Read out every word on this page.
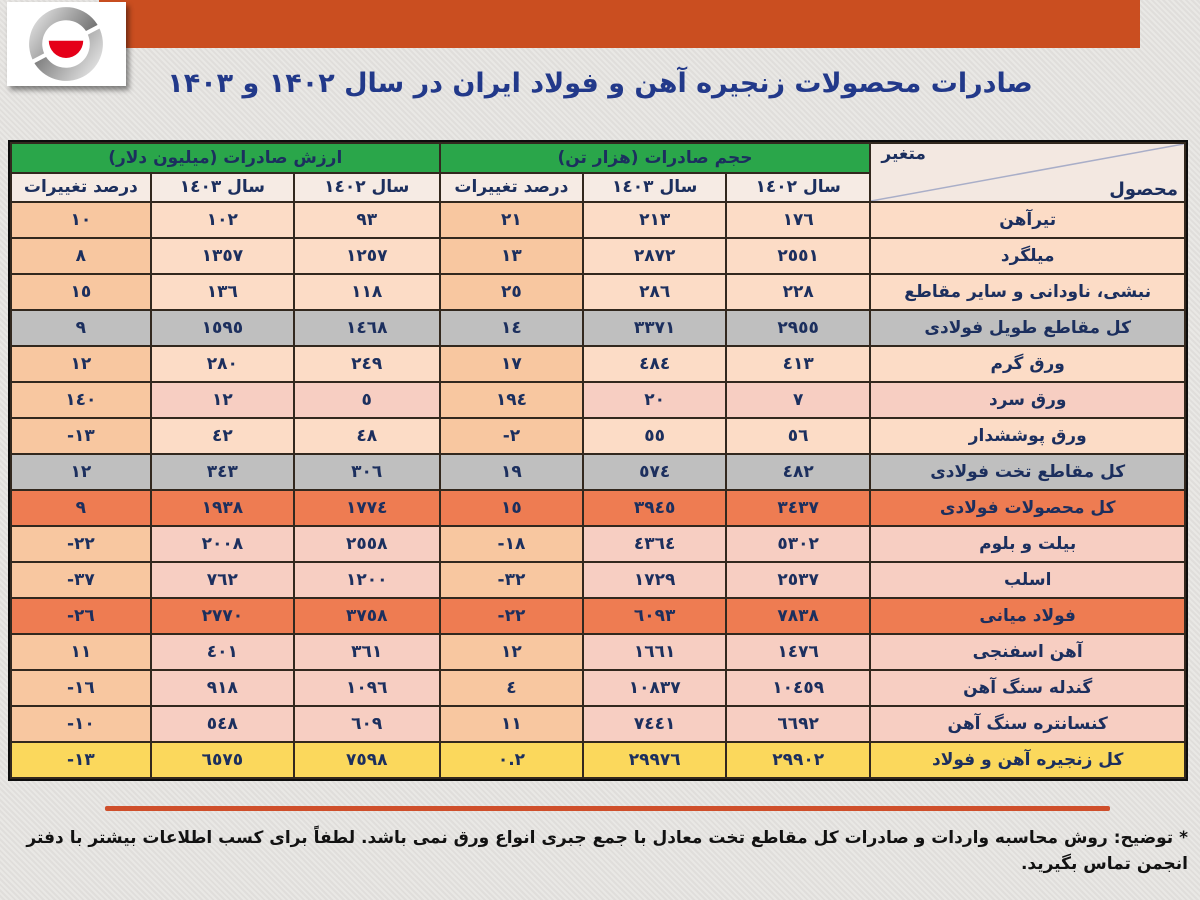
صادرات محصولات زنجیره آهن و فولاد ایران در سال ۱۴۰۲ و ۱۴۰۳
متغیر
محصول	حجم صادرات (هزار تن)			ارزش صادرات (میلیون دلار)		
	سال ١٤٠٢	سال ١٤٠٣	درصد تغییرات	سال ١٤٠٢	سال ١٤٠٣	درصد تغییرات
تیرآهن	١٧٦	٢١٣	٢١	٩٣	١٠٢	١٠
میلگرد	٢٥٥١	٢٨٧٢	١٣	١٢٥٧	١٣٥٧	٨
نبشی، ناودانی و سایر مقاطع	٢٢٨	٢٨٦	٢٥	١١٨	١٣٦	١٥
کل مقاطع طویل فولادی	٢٩٥٥	٣٣٧١	١٤	١٤٦٨	١٥٩٥	٩
ورق گرم	٤١٣	٤٨٤	١٧	٢٤٩	٢٨٠	١٢
ورق سرد	٧	٢٠	١٩٤	٥	١٢	١٤٠
ورق پوششدار	٥٦	٥٥	-٢	٤٨	٤٢	-١٣
کل مقاطع تخت فولادی	٤٨٢	٥٧٤	١٩	٣٠٦	٣٤٣	١٢
کل محصولات فولادی	٣٤٣٧	٣٩٤٥	١٥	١٧٧٤	١٩٣٨	٩
بیلت و بلوم	٥٣٠٢	٤٣٦٤	-١٨	٢٥٥٨	٢٠٠٨	-٢٢
اسلب	٢٥٣٧	١٧٢٩	-٣٢	١٢٠٠	٧٦٢	-٣٧
فولاد میانی	٧٨٣٨	٦٠٩٣	-٢٢	٣٧٥٨	٢٧٧٠	-٢٦
آهن اسفنجی	١٤٧٦	١٦٦١	١٢	٣٦١	٤٠١	١١
گندله سنگ آهن	١٠٤٥٩	١٠٨٣٧	٤	١٠٩٦	٩١٨	-١٦
کنسانتره سنگ آهن	٦٦٩٢	٧٤٤١	١١	٦٠٩	٥٤٨	-١٠
کل زنجیره آهن و فولاد	٢٩٩٠٢	٢٩٩٧٦	٠.٢	٧٥٩٨	٦٥٧٥	-١٣
* توضیح: روش محاسبه واردات و صادرات کل مقاطع تخت معادل با جمع جبری انواع ورق نمی باشد. لطفاً برای کسب اطلاعات بیشتر با دفتر انجمن تماس بگیرید.
